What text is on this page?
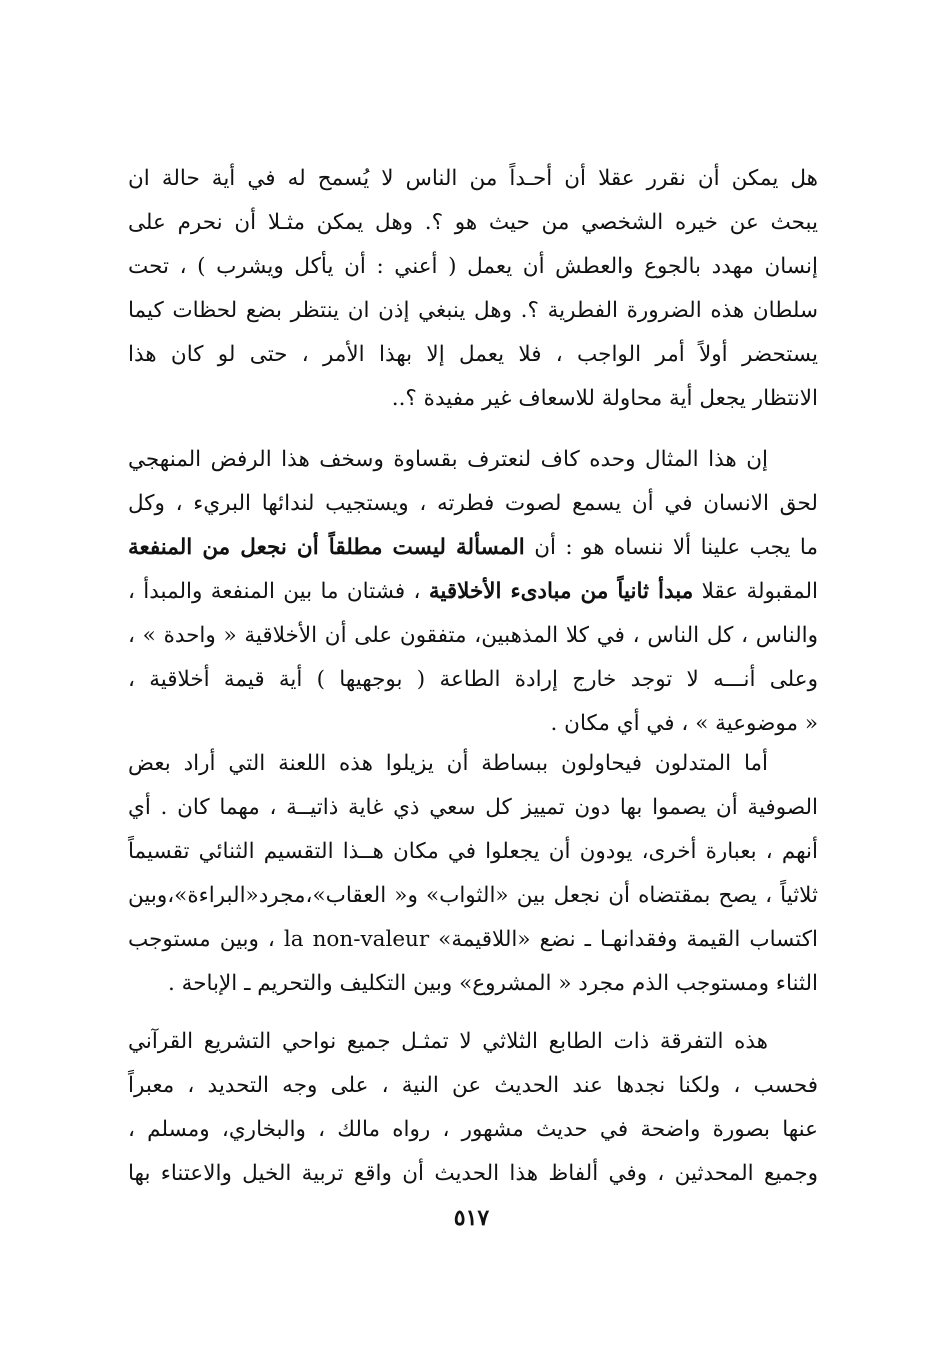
هل يمكن أن نقرر عقلا أن أحـداً من الناس لا يُسمح له في أية حالة ان
يبحث عن خيره الشخصي من حيث هو ؟. وهل يمكن مثـلا أن نحرم على
إنسان مهدد بالجوع والعطش أن يعمل ( أعني : أن يأكل ويشرب ) ، تحت
سلطان هذه الضرورة الفطرية ؟. وهل ينبغي إذن ان ينتظر بضع لحظات كيما
يستحضر أولاً أمر الواجب ، فلا يعمل إلا بهذا الأمر ، حتى لو كان هذا
الانتظار يجعل أية محاولة للاسعاف غير مفيدة ؟..
إن هذا المثال وحده كاف لنعترف بقساوة وسخف هذا الرفض المنهجي
لحق الانسان في أن يسمع لصوت فطرته ، ويستجيب لندائها البريء ، وكل
ما يجب علينا ألا ننساه هو : أن المسألة ليست مطلقاً أن نجعل من المنفعة
المقبولة عقلا مبدأ ثانياً من مبادىء الأخلاقية ، فشتان ما بين المنفعة والمبدأ ،
والناس ، كل الناس ، في كلا المذهبين، متفقون على أن الأخلاقية « واحدة » ،
وعلى أنـــه لا توجد خارج إرادة الطاعة ( بوجهيها ) أية قيمة أخلاقية ،
« موضوعية » ، في أي مكان .
أما المتدلون فيحاولون ببساطة أن يزيلوا هذه اللعنة التي أراد بعض
الصوفية أن يصموا بها دون تمييز كل سعي ذي غاية ذاتيــة ، مهما كان . أي
أنهم ، بعبارة أخرى، يودون أن يجعلوا في مكان هــذا التقسيم الثنائي تقسيماً
ثلاثياً ، يصح بمقتضاه أن نجعل بين «الثواب» و« العقاب»،مجرد«البراءة»،وبين
اكتساب القيمة وفقدانهـا ـ نضع «اللاقيمة» la non-valeur ، وبين مستوجب
الثناء ومستوجب الذم مجرد « المشروع» وبين التكليف والتحريم ـ الإباحة .
هذه التفرقة ذات الطابع الثلاثي لا تمثـل جميع نواحي التشريع القرآني
فحسب ، ولكنا نجدها عند الحديث عن النية ، على وجه التحديد ، معبراً
عنها بصورة واضحة في حديث مشهور ، رواه مالك ، والبخاري، ومسلم ،
وجميع المحدثين ، وفي ألفاظ هذا الحديث أن واقع تربية الخيل والاعتناء بها
٥١٧
